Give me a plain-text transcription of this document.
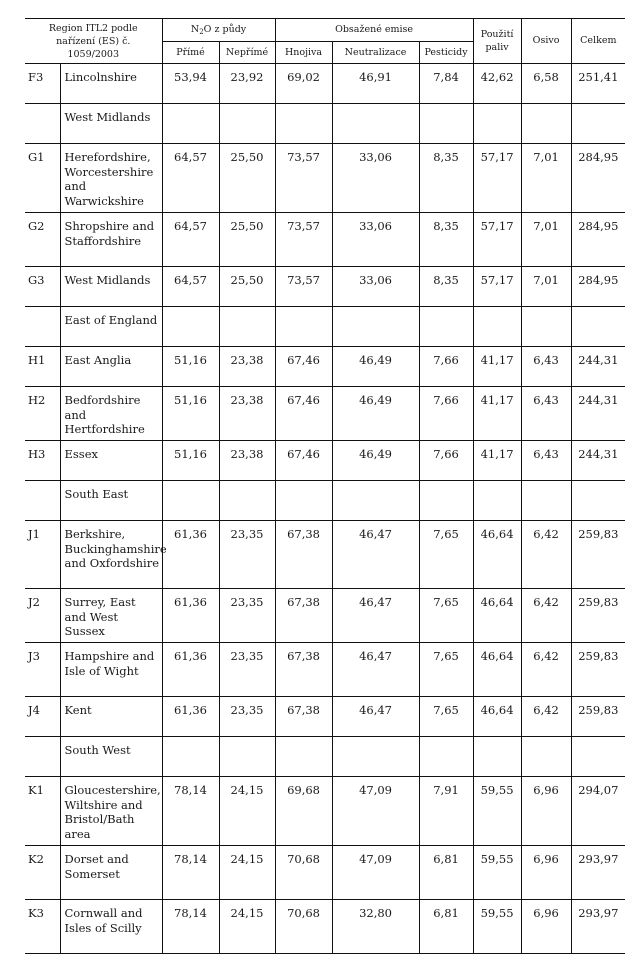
Region ITL2 podle nařízení (ES) č. 1059/2003		$N_2O$ z půdy		Obsažené emise			Použití paliv	Osivo	Celkem
		Přímé	Nepřímé	Hnojiva	Neutralizace	Pesticidy			
F3	Lincolnshire	53,94	23,92	69,02	46,91	7,84	42,62	6,58	251,41
	West Midlands								
G1	Herefordshire, Worcestershire and Warwickshire	64,57	25,50	73,57	33,06	8,35	57,17	7,01	284,95
G2	Shropshire and Staffordshire	64,57	25,50	73,57	33,06	8,35	57,17	7,01	284,95
G3	West Midlands	64,57	25,50	73,57	33,06	8,35	57,17	7,01	284,95
	East of England								
H1	East Anglia	51,16	23,38	67,46	46,49	7,66	41,17	6,43	244,31
H2	Bedfordshire and Hertfordshire	51,16	23,38	67,46	46,49	7,66	41,17	6,43	244,31
H3	Essex	51,16	23,38	67,46	46,49	7,66	41,17	6,43	244,31
	South East								
J1	Berkshire, Buckinghamshire and Oxfordshire	61,36	23,35	67,38	46,47	7,65	46,64	6,42	259,83
J2	Surrey, East and West Sussex	61,36	23,35	67,38	46,47	7,65	46,64	6,42	259,83
J3	Hampshire and Isle of Wight	61,36	23,35	67,38	46,47	7,65	46,64	6,42	259,83
J4	Kent	61,36	23,35	67,38	46,47	7,65	46,64	6,42	259,83
	South West								
K1	Gloucestershire, Wiltshire and Bristol/Bath area	78,14	24,15	69,68	47,09	7,91	59,55	6,96	294,07
K2	Dorset and Somerset	78,14	24,15	70,68	47,09	6,81	59,55	6,96	293,97
K3	Cornwall and Isles of Scilly	78,14	24,15	70,68	32,80	6,81	59,55	6,96	293,97
